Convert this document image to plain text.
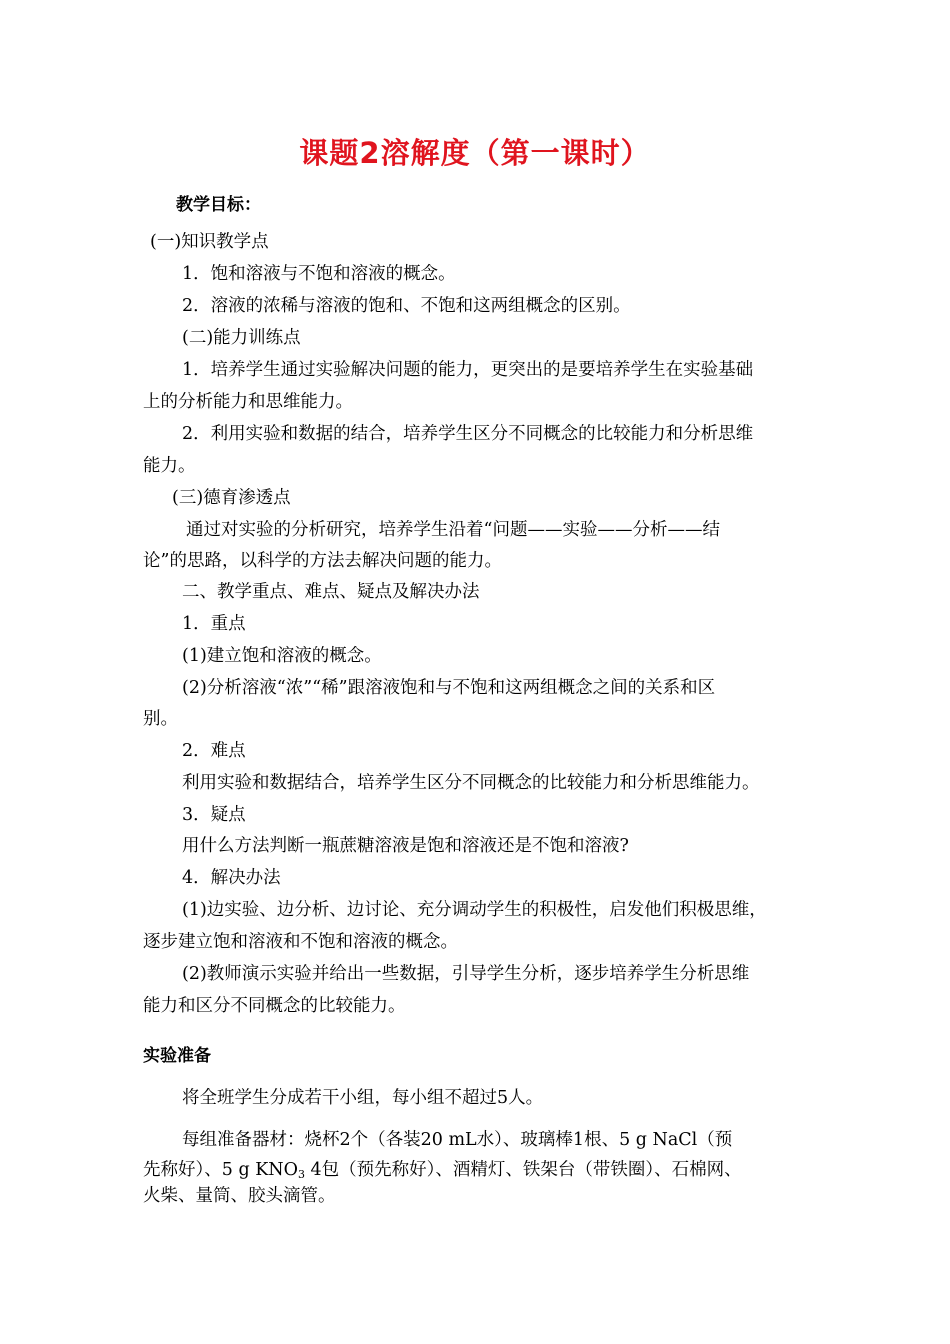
课题2溶解度（第一课时）
教学目标：
(一)知识教学点
1．饱和溶液与不饱和溶液的概念。
2．溶液的浓稀与溶液的饱和、不饱和这两组概念的区别。
(二)能力训练点
1．培养学生通过实验解决问题的能力，更突出的是要培养学生在实验基础
上的分析能力和思维能力。
2．利用实验和数据的结合，培养学生区分不同概念的比较能力和分析思维
能力。
(三)德育渗透点
通过对实验的分析研究，培养学生沿着“问题——实验——分析——结
论”的思路，以科学的方法去解决问题的能力。
二、教学重点、难点、疑点及解决办法
1．重点
(1)建立饱和溶液的概念。
(2)分析溶液“浓”“稀”跟溶液饱和与不饱和这两组概念之间的关系和区
别。
2．难点
利用实验和数据结合，培养学生区分不同概念的比较能力和分析思维能力。
3．疑点
用什么方法判断一瓶蔗糖溶液是饱和溶液还是不饱和溶液?
4．解决办法
(1)边实验、边分析、边讨论、充分调动学生的积极性，启发他们积极思维，
逐步建立饱和溶液和不饱和溶液的概念。
(2)教师演示实验并给出一些数据，引导学生分析，逐步培养学生分析思维
能力和区分不同概念的比较能力。
实验准备
将全班学生分成若干小组，每小组不超过5人。
每组准备器材：烧杯2个（各装20 mL水）、玻璃棒1根、5 g NaCl（预
先称好）、5 g $KNO_3$ 4包（预先称好）、酒精灯、铁架台（带铁圈）、石棉网、
火柴、量筒、胶头滴管。
